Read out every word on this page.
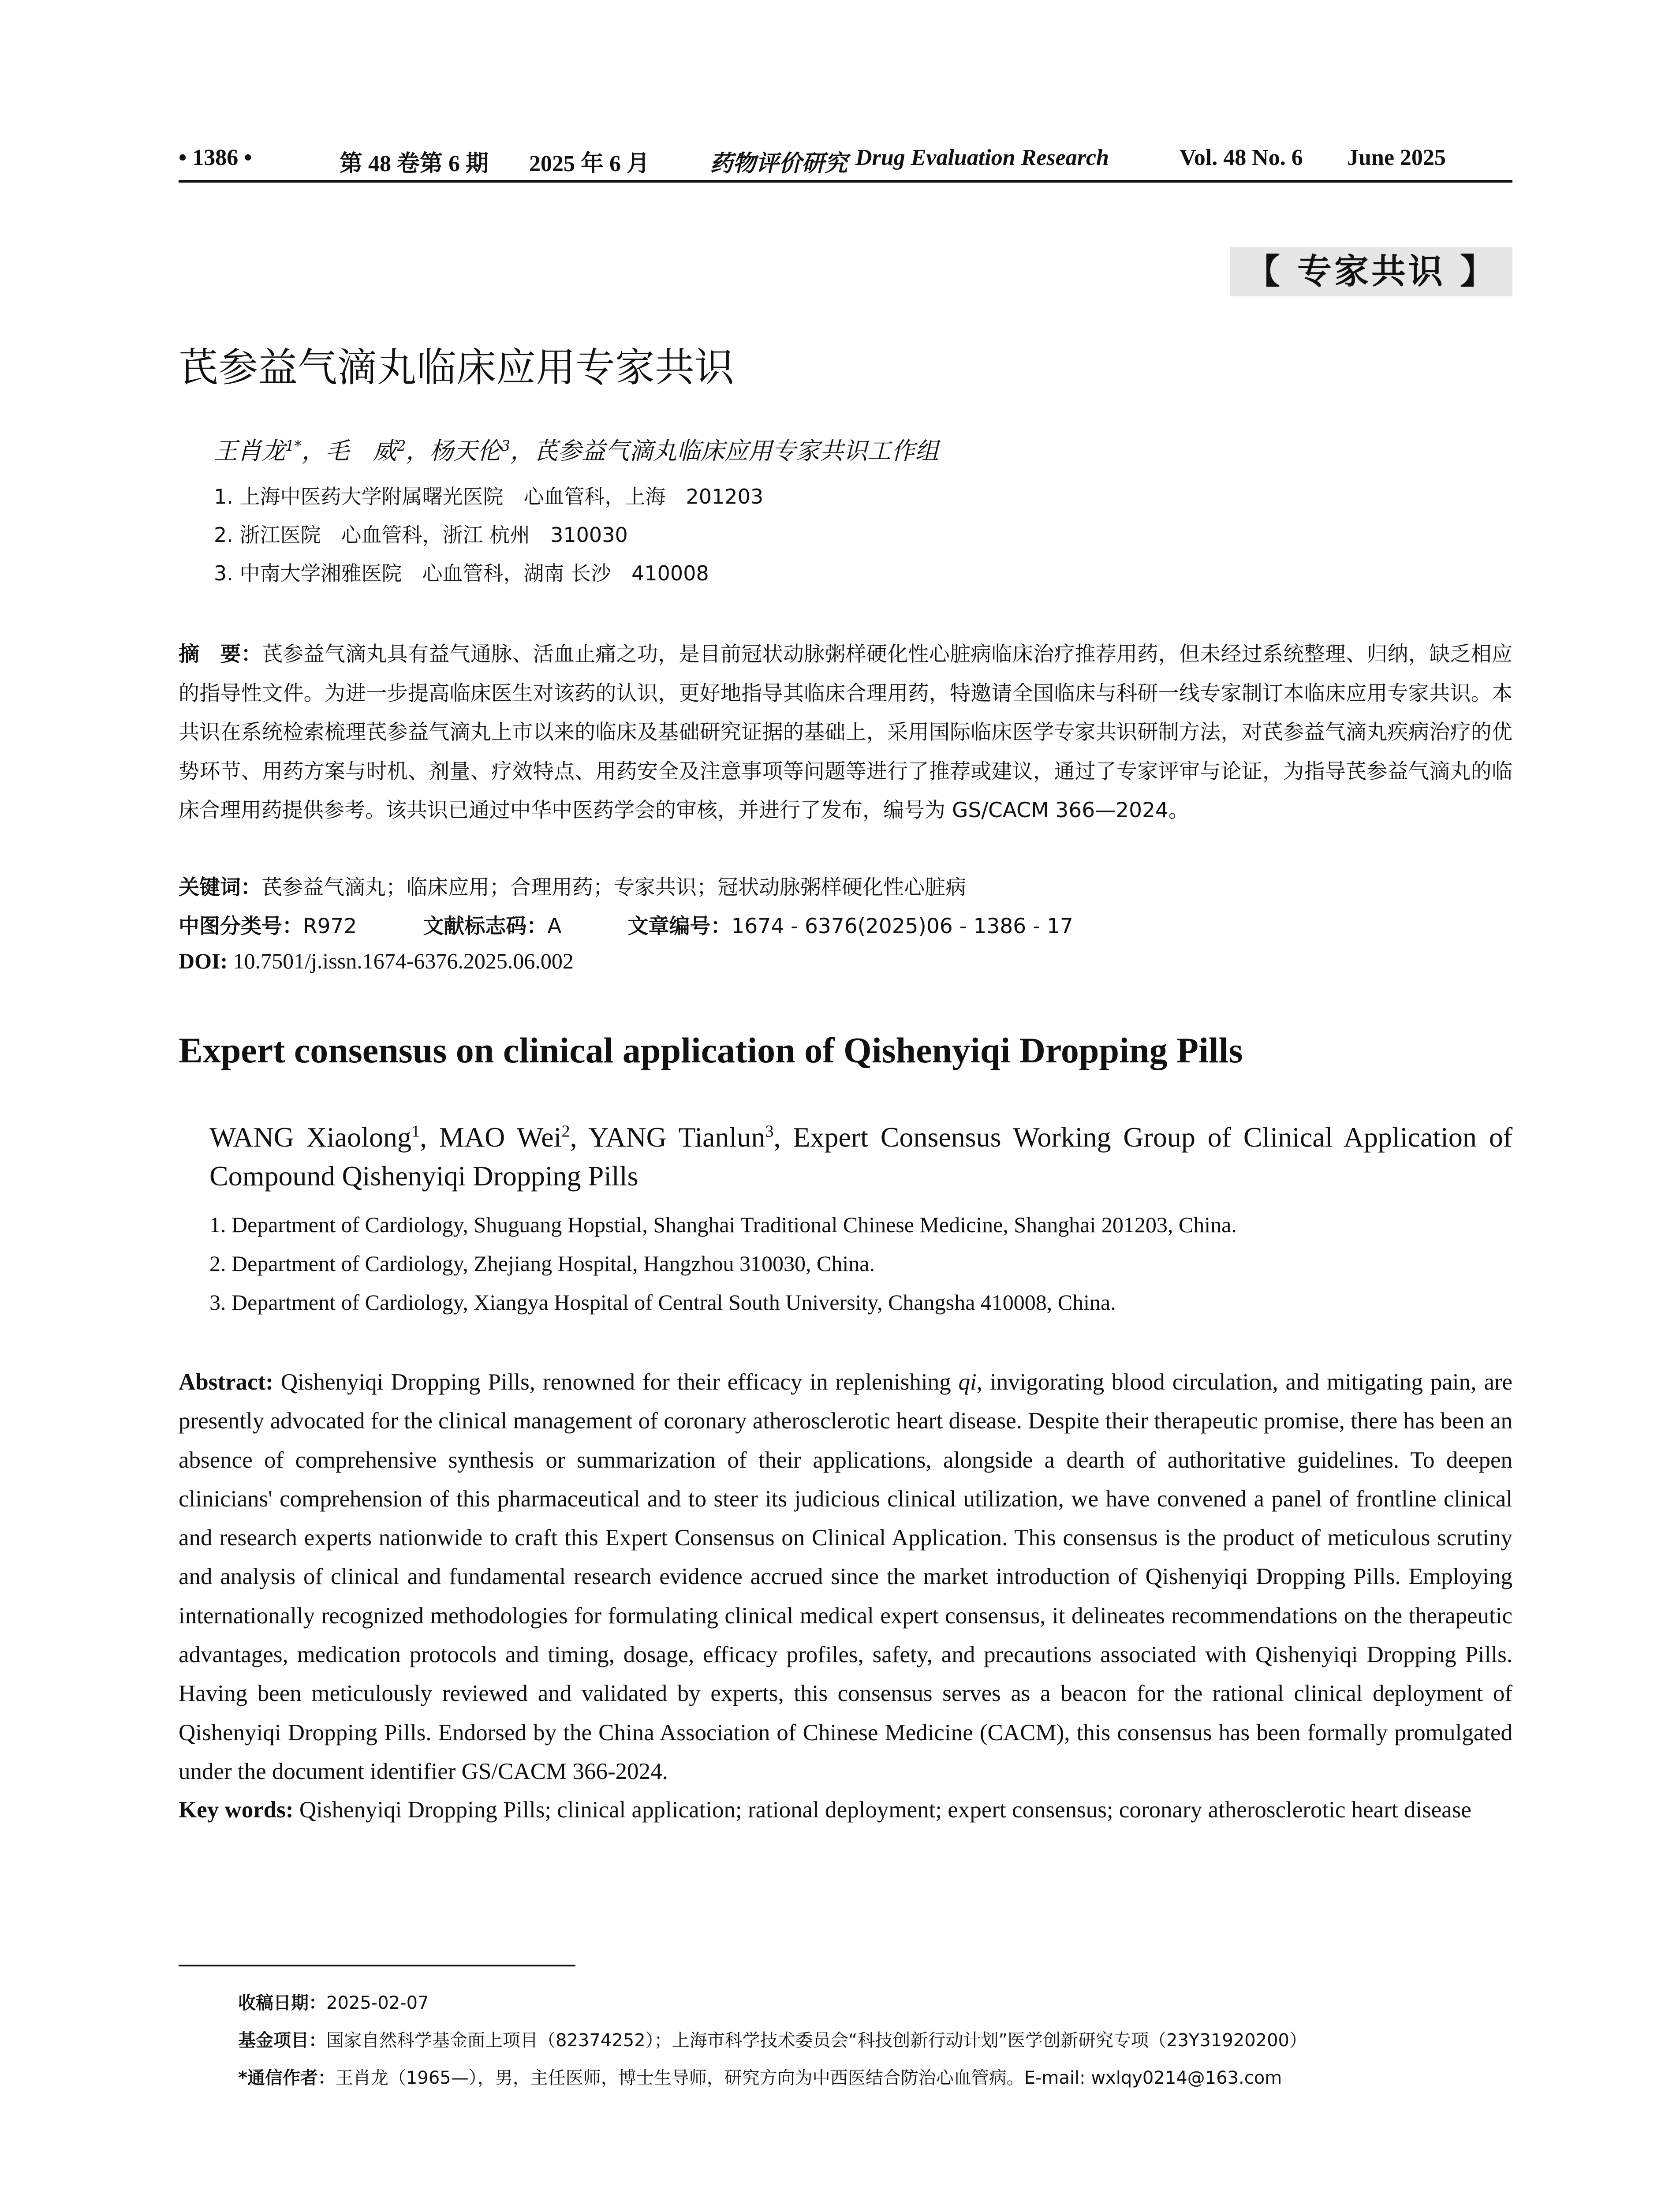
• 1386 •	第 48 卷第 6 期 2025 年 6 月	药物评价研究 Drug Evaluation Research	Vol. 48 No. 6 June 2025
【 专家共识 】
芪参益气滴丸临床应用专家共识
王肖龙$^{1*}$，毛　威$^2$，杨天伦$^3$，芪参益气滴丸临床应用专家共识工作组
1. 上海中医药大学附属曙光医院　心血管科，上海　201203
2. 浙江医院　心血管科，浙江 杭州　310030
3. 中南大学湘雅医院　心血管科，湖南 长沙　410008
摘　要：芪参益气滴丸具有益气通脉、活血止痛之功，是目前冠状动脉粥样硬化性心脏病临床治疗推荐用药，但未经过系统整理、归纳，缺乏相应的指导性文件。为进一步提高临床医生对该药的认识，更好地指导其临床合理用药，特邀请全国临床与科研一线专家制订本临床应用专家共识。本共识在系统检索梳理芪参益气滴丸上市以来的临床及基础研究证据的基础上，采用国际临床医学专家共识研制方法，对芪参益气滴丸疾病治疗的优势环节、用药方案与时机、剂量、疗效特点、用药安全及注意事项等问题等进行了推荐或建议，通过了专家评审与论证，为指导芪参益气滴丸的临床合理用药提供参考。该共识已通过中华中医药学会的审核，并进行了发布，编号为 GS/CACM 366—2024。
关键词：芪参益气滴丸；临床应用；合理用药；专家共识；冠状动脉粥样硬化性心脏病
中图分类号：R972	文献标志码：A	文章编号：1674 - 6376(2025)06 - 1386 - 17
DOI: 10.7501/j.issn.1674-6376.2025.06.002
Expert consensus on clinical application of Qishenyiqi Dropping Pills
WANG Xiaolong$^1$, MAO Wei$^2$, YANG Tianlun$^3$, Expert Consensus Working Group of Clinical Application of Compound Qishenyiqi Dropping Pills
1. Department of Cardiology, Shuguang Hopstial, Shanghai Traditional Chinese Medicine, Shanghai 201203, China.
2. Department of Cardiology, Zhejiang Hospital, Hangzhou 310030, China.
3. Department of Cardiology, Xiangya Hospital of Central South University, Changsha 410008, China.
Abstract: Qishenyiqi Dropping Pills, renowned for their efficacy in replenishing qi, invigorating blood circulation, and mitigating pain, are presently advocated for the clinical management of coronary atherosclerotic heart disease. Despite their therapeutic promise, there has been an absence of comprehensive synthesis or summarization of their applications, alongside a dearth of authoritative guidelines. To deepen clinicians' comprehension of this pharmaceutical and to steer its judicious clinical utilization, we have convened a panel of frontline clinical and research experts nationwide to craft this Expert Consensus on Clinical Application. This consensus is the product of meticulous scrutiny and analysis of clinical and fundamental research evidence accrued since the market introduction of Qishenyiqi Dropping Pills. Employing internationally recognized methodologies for formulating clinical medical expert consensus, it delineates recommendations on the therapeutic advantages, medication protocols and timing, dosage, efficacy profiles, safety, and precautions associated with Qishenyiqi Dropping Pills. Having been meticulously reviewed and validated by experts, this consensus serves as a beacon for the rational clinical deployment of Qishenyiqi Dropping Pills. Endorsed by the China Association of Chinese Medicine (CACM), this consensus has been formally promulgated under the document identifier GS/CACM 366-2024.
Key words: Qishenyiqi Dropping Pills; clinical application; rational deployment; expert consensus; coronary atherosclerotic heart disease
收稿日期：2025-02-07
基金项目：国家自然科学基金面上项目（82374252）；上海市科学技术委员会“科技创新行动计划”医学创新研究专项（23Y31920200）
*通信作者：王肖龙（1965—），男，主任医师，博士生导师，研究方向为中西医结合防治心血管病。E-mail: wxlqy0214@163.com
